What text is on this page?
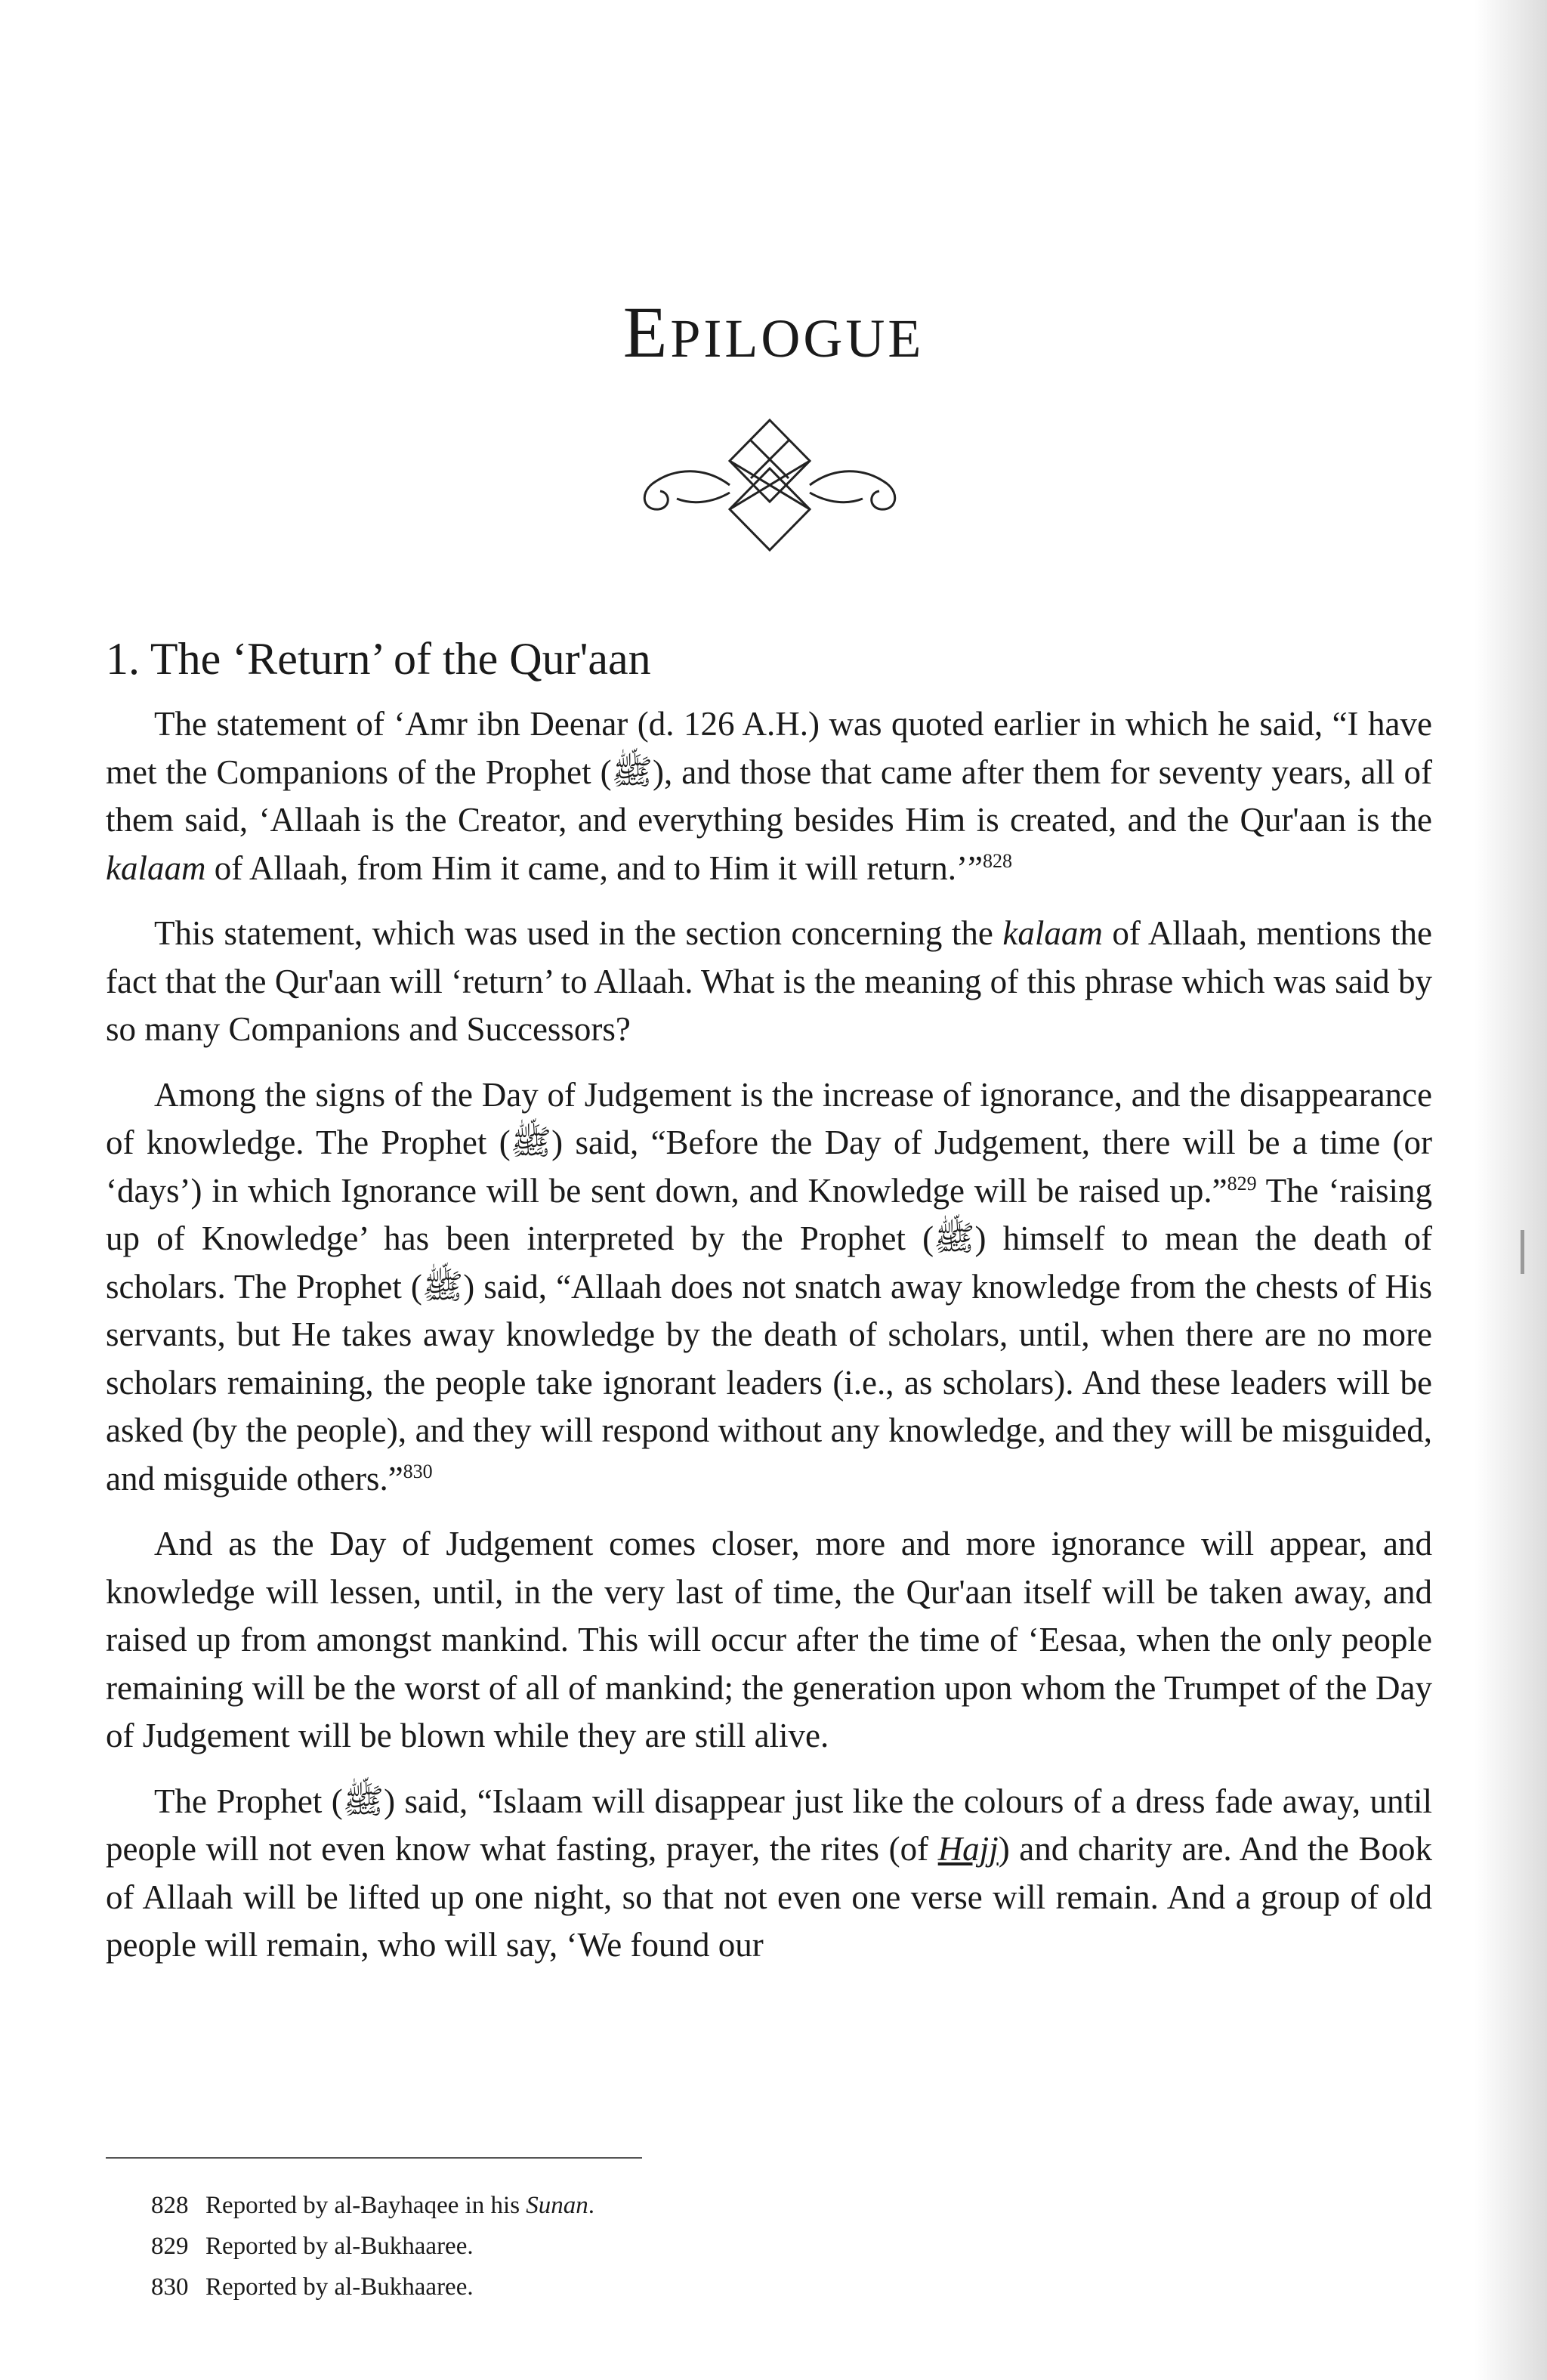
EPILOGUE
1. The ‘Return’ of the Qur'aan

The statement of ‘Amr ibn Deenar (d. 126 A.H.) was quoted earlier in which he said, “I have met the Companions of the Prophet (ﷺ), and those that came after them for seventy years, all of them said, ‘Allaah is the Creator, and everything besides Him is created, and the Qur'aan is the kalaam of Allaah, from Him it came, and to Him it will return.’”$^{828}$

This statement, which was used in the section concerning the kalaam of Allaah, mentions the fact that the Qur'aan will ‘return’ to Allaah. What is the meaning of this phrase which was said by so many Companions and Successors?

Among the signs of the Day of Judgement is the increase of ignorance, and the disappearance of knowledge. The Prophet (ﷺ) said, “Before the Day of Judgement, there will be a time (or ‘days’) in which Ignorance will be sent down, and Knowledge will be raised up.”$^{829}$ The ‘raising up of Knowledge’ has been interpreted by the Prophet (ﷺ) himself to mean the death of scholars. The Prophet (ﷺ) said, “Allaah does not snatch away knowledge from the chests of His servants, but He takes away knowledge by the death of scholars, until, when there are no more scholars remaining, the people take ignorant leaders (i.e., as scholars). And these leaders will be asked (by the people), and they will respond without any knowledge, and they will be misguided, and misguide others.”$^{830}$

And as the Day of Judgement comes closer, more and more ignorance will appear, and knowledge will lessen, until, in the very last of time, the Qur'aan itself will be taken away, and raised up from amongst mankind. This will occur after the time of ‘Eesaa, when the only people remaining will be the worst of all of mankind; the generation upon whom the Trumpet of the Day of Judgement will be blown while they are still alive.

The Prophet (ﷺ) said, “Islaam will disappear just like the colours of a dress fade away, until people will not even know what fasting, prayer, the rites (of Hajj) and charity are. And the Book of Allaah will be lifted up one night, so that not even one verse will remain. And a group of old people will remain, who will say, ‘We found our

828 Reported by al-Bayhaqee in his Sunan.
829 Reported by al-Bukhaaree.
830 Reported by al-Bukhaaree.
